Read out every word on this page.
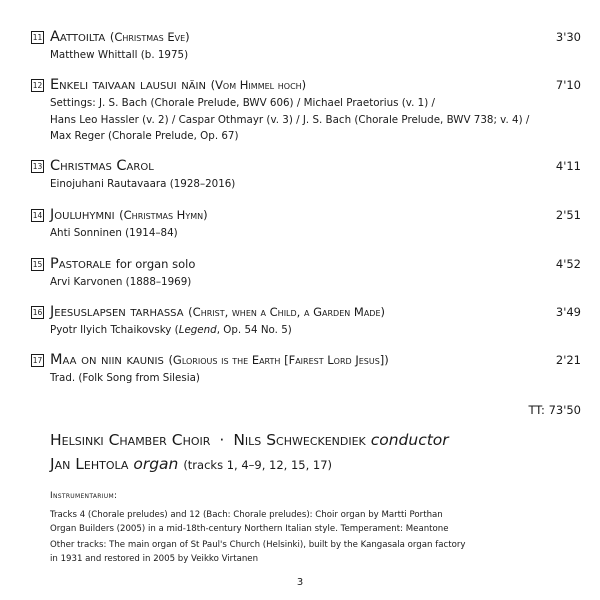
11 Aattoilta (Christmas Eve)	3'30
Matthew Whittall (b. 1975)
12 Enkeli taivaan lausui näin (Vom Himmel hoch)	7'10
Settings: J. S. Bach (Chorale Prelude, BWV 606) / Michael Praetorius (v. 1) /
Hans Leo Hassler (v. 2) / Caspar Othmayr (v. 3) / J. S. Bach (Chorale Prelude, BWV 738; v. 4) /
Max Reger (Chorale Prelude, Op. 67)
13 Christmas Carol	4'11
Einojuhani Rautavaara (1928–2016)
14 Jouluhymni (Christmas Hymn)	2'51
Ahti Sonninen (1914–84)
15 Pastorale for organ solo	4'52
Arvi Karvonen (1888–1969)
16 Jeesuslapsen tarhassa (Christ, when a Child, a Garden Made)	3'49
Pyotr Ilyich Tchaikovsky (Legend, Op. 54 No. 5)
17 Maa on niin kaunis (Glorious is the Earth [Fairest Lord Jesus])	2'21
Trad. (Folk Song from Silesia)
TT: 73'50
Helsinki Chamber Choir · Nils Schweckendiek conductor
Jan Lehtola organ (tracks 1, 4–9, 12, 15, 17)
Instrumentarium:
Tracks 4 (Chorale preludes) and 12 (Bach: Chorale preludes): Choir organ by Martti Porthan
Organ Builders (2005) in a mid-18th-century Northern Italian style. Temperament: Meantone
Other tracks: The main organ of St Paul's Church (Helsinki), built by the Kangasala organ factory
in 1931 and restored in 2005 by Veikko Virtanen
3
